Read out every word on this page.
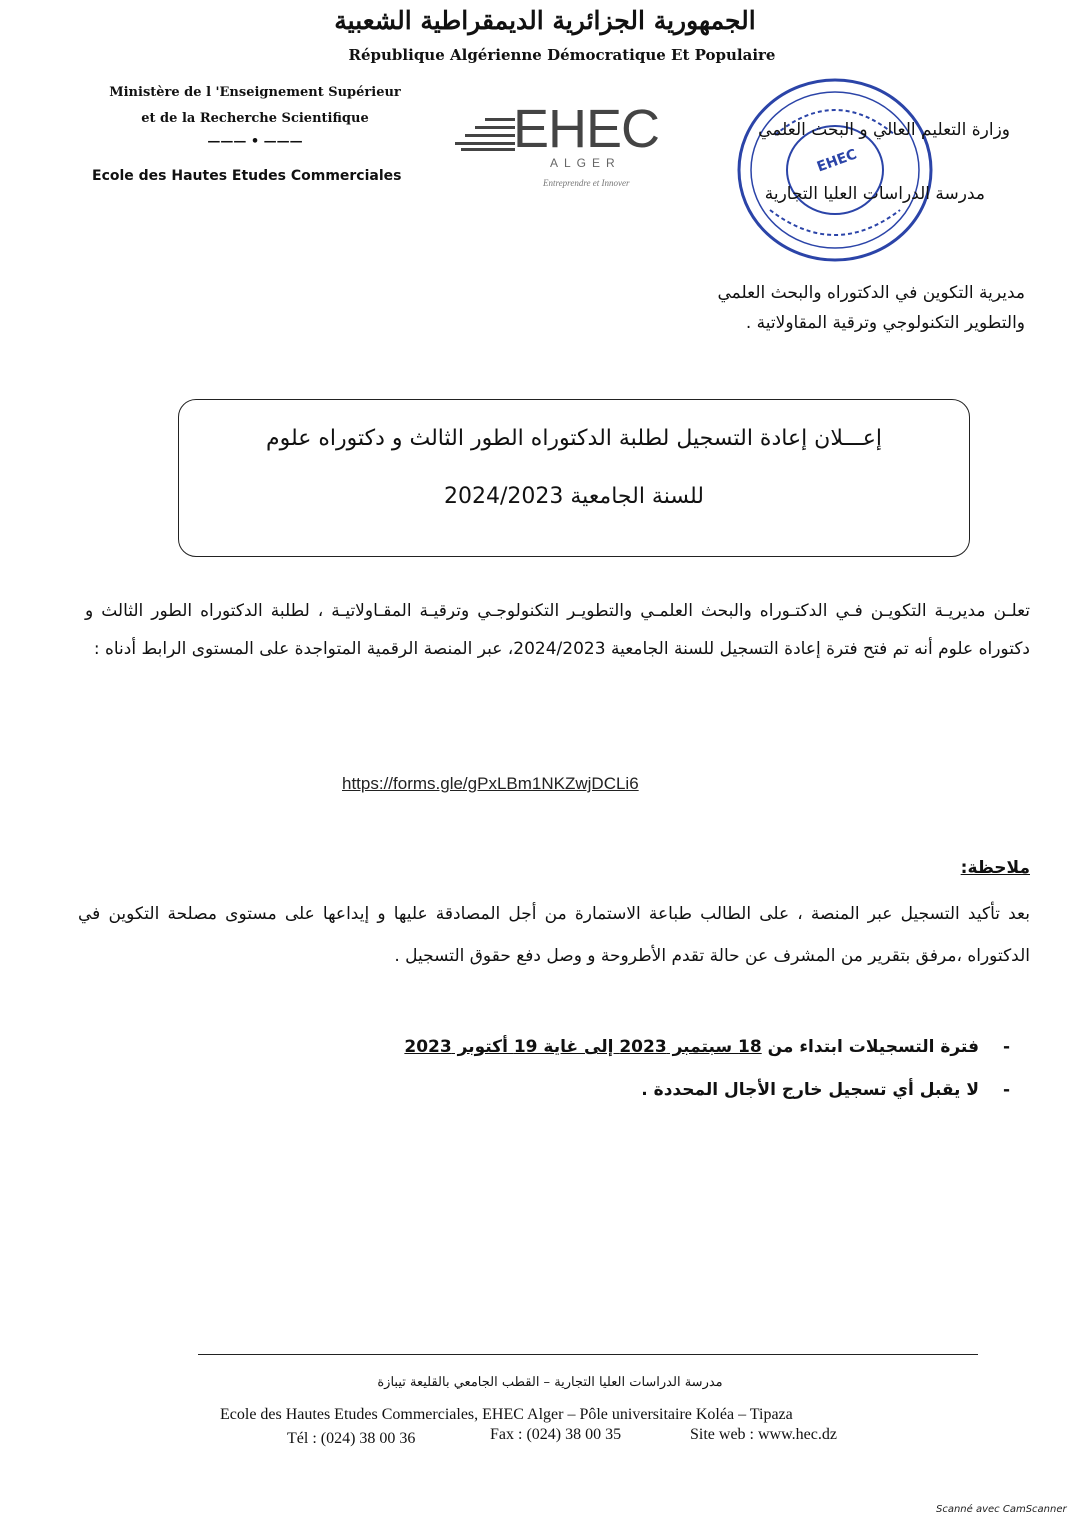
الجمهورية الجزائرية الديمقراطية الشعبية
République Algérienne Démocratique Et Populaire
Ministère de l 'Enseignement Supérieur
et de la Recherche Scientifique
——— • ———
Ecole des Hautes Etudes Commerciales
EHEC
ALGER
Entreprendre et Innover
EHEC
وزارة التعليم العالي و البحث العلمي
مدرسة الدراسات العليا التجارية
مديرية التكوين في الدكتوراه والبحث العلمي
والتطوير التكنولوجي وترقية المقاولاتية .
إعـــلان إعادة التسجيل لطلبة الدكتوراه الطور الثالث و دكتوراه علوم
للسنة الجامعية 2024/2023
تعلـن مديريـة التكويـن فـي الدكتـوراه والبحث العلمـي والتطويـر التكنولوجـي وترقيـة المقـاولاتيـة ، لطلبة الدكتوراه الطور الثالث و دكتوراه علوم أنه تم فتح فترة إعادة التسجيل للسنة الجامعية 2024/2023، عبر المنصة الرقمية المتواجدة على المستوى الرابط أدناه :
https://forms.gle/gPxLBm1NKZwjDCLi6
ملاحظة:
بعد تأكيد التسجيل عبر المنصة ، على الطالب طباعة الاستمارة من أجل المصادقة عليها و إيداعها على مستوى مصلحة التكوين في الدكتوراه ،مرفق بتقرير من المشرف عن حالة تقدم الأطروحة و وصل دفع حقوق التسجيل .
- فترة التسجيلات ابتداء من 18 سبتمبر 2023 إلى غاية 19 أكتوبر 2023
- لا يقبل أي تسجيل خارج الأجال المحددة .
مدرسة الدراسات العليا التجارية – القطب الجامعي بالقليعة تيبازة
Ecole des Hautes Etudes Commerciales, EHEC Alger – Pôle universitaire Koléa – Tipaza
Tél : (024) 38 00 36	Fax : (024) 38 00 35	Site web : www.hec.dz
Scanné avec CamScanner
